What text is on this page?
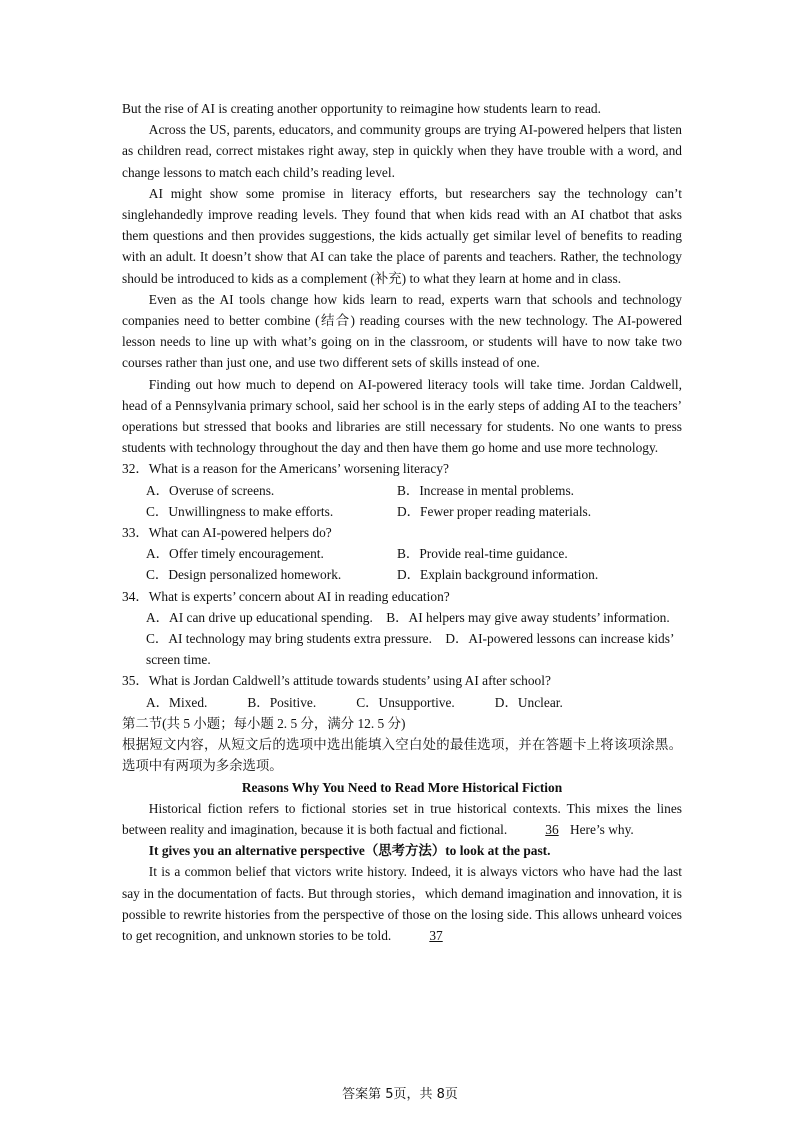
But the rise of AI is creating another opportunity to reimagine how students learn to read.

Across the US, parents, educators, and community groups are trying AI-powered helpers that listen as children read, correct mistakes right away, step in quickly when they have trouble with a word, and change lessons to match each child’s reading level.

AI might show some promise in literacy efforts, but researchers say the technology can’t singlehandedly improve reading levels. They found that when kids read with an AI chatbot that asks them questions and then provides suggestions, the kids actually get similar level of benefits to reading with an adult. It doesn’t show that AI can take the place of parents and teachers. Rather, the technology should be introduced to kids as a complement (补充) to what they learn at home and in class.

Even as the AI tools change how kids learn to read, experts warn that schools and technology companies need to better combine (结合) reading courses with the new technology. The AI-powered lesson needs to line up with what’s going on in the classroom, or students will have to now take two courses rather than just one, and use two different sets of skills instead of one.

Finding out how much to depend on AI-powered literacy tools will take time. Jordan Caldwell, head of a Pennsylvania primary school, said her school is in the early steps of adding AI to the teachers’ operations but stressed that books and libraries are still necessary for students. No one wants to press students with technology throughout the day and then have them go home and use more technology.

32．What is a reason for the Americans’ worsening literacy?

A．Overuse of screens.	B．Increase in mental problems.
C．Unwillingness to make efforts.	D．Fewer proper reading materials.

33．What can AI-powered helpers do?

A．Offer timely encouragement.	B．Provide real-time guidance.
C．Design personalized homework.	D．Explain background information.

34．What is experts’ concern about AI in reading education?

A．AI can drive up educational spending.　B．AI helpers may give away students’ information.

C．AI technology may bring students extra pressure.　D．AI-powered lessons can increase kids’ screen time.

35．What is Jordan Caldwell’s attitude towards students’ using AI after school?

A．Mixed.	B．Positive.	C．Unsupportive.	D．Unclear.

第二节(共 5 小题；每小题 2. 5 分，满分 12. 5 分)

根据短文内容，从短文后的选项中选出能填入空白处的最佳选项，并在答题卡上将该项涂黑。选项中有两项为多余选项。

Reasons Why You Need to Read More Historical Fiction

Historical fiction refers to fictional stories set in true historical contexts. This mixes the lines between reality and imagination, because it is both factual and fictional.	36 Here’s why.

It gives you an alternative perspective（思考方法）to look at the past.

It is a common belief that victors write history. Indeed, it is always victors who have had the last say in the documentation of facts. But through stories，which demand imagination and innovation, it is possible to rewrite histories from the perspective of those on the losing side. This allows unheard voices to get recognition, and unknown stories to be told.	37

答案第 5页，共 8页
